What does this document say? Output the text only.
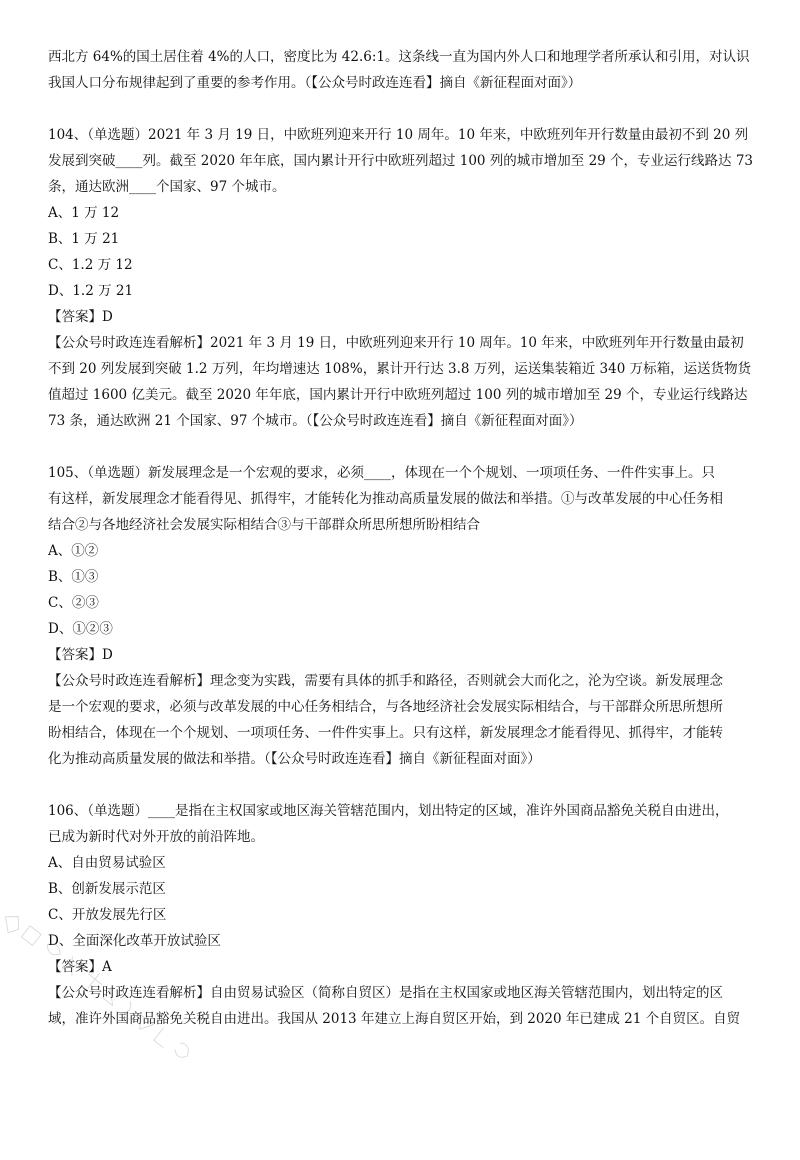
西北方 64%的国土居住着 4%的人口，密度比为 42.6:1。这条线一直为国内外人口和地理学者所承认和引用，对认识
我国人口分布规律起到了重要的参考作用。（【公众号时政连连看】摘自《新征程面对面》）
104、（单选题）2021 年 3 月 19 日，中欧班列迎来开行 10 周年。10 年来，中欧班列年开行数量由最初不到 20 列
发展到突破____列。截至 2020 年年底，国内累计开行中欧班列超过 100 列的城市增加至 29 个，专业运行线路达 73
条，通达欧洲____个国家、97 个城市。
A、1 万 12
B、1 万 21
C、1.2 万 12
D、1.2 万 21
【答案】D
【公众号时政连连看解析】2021 年 3 月 19 日，中欧班列迎来开行 10 周年。10 年来，中欧班列年开行数量由最初
不到 20 列发展到突破 1.2 万列，年均增速达 108%，累计开行达 3.8 万列，运送集装箱近 340 万标箱，运送货物货
值超过 1600 亿美元。截至 2020 年年底，国内累计开行中欧班列超过 100 列的城市增加至 29 个，专业运行线路达
73 条，通达欧洲 21 个国家、97 个城市。（【公众号时政连连看】摘自《新征程面对面》）
105、（单选题）新发展理念是一个宏观的要求，必须____，体现在一个个规划、一项项任务、一件件实事上。只
有这样，新发展理念才能看得见、抓得牢，才能转化为推动高质量发展的做法和举措。①与改革发展的中心任务相
结合②与各地经济社会发展实际相结合③与干部群众所思所想所盼相结合
A、①②
B、①③
C、②③
D、①②③
【答案】D
【公众号时政连连看解析】理念变为实践，需要有具体的抓手和路径，否则就会大而化之，沦为空谈。新发展理念
是一个宏观的要求，必须与改革发展的中心任务相结合，与各地经济社会发展实际相结合，与干部群众所思所想所
盼相结合，体现在一个个规划、一项项任务、一件件实事上。只有这样，新发展理念才能看得见、抓得牢，才能转
化为推动高质量发展的做法和举措。（【公众号时政连连看】摘自《新征程面对面》）
106、（单选题）____是指在主权国家或地区海关管辖范围内，划出特定的区域，准许外国商品豁免关税自由进出，
已成为新时代对外开放的前沿阵地。
A、自由贸易试验区
B、创新发展示范区
C、开放发展先行区
D、全面深化改革开放试验区
【答案】A
【公众号时政连连看解析】自由贸易试验区（简称自贸区）是指在主权国家或地区海关管辖范围内，划出特定的区
域，准许外国商品豁免关税自由进出。我国从 2013 年建立上海自贸区开始，到 2020 年已建成 21 个自贸区。自贸
